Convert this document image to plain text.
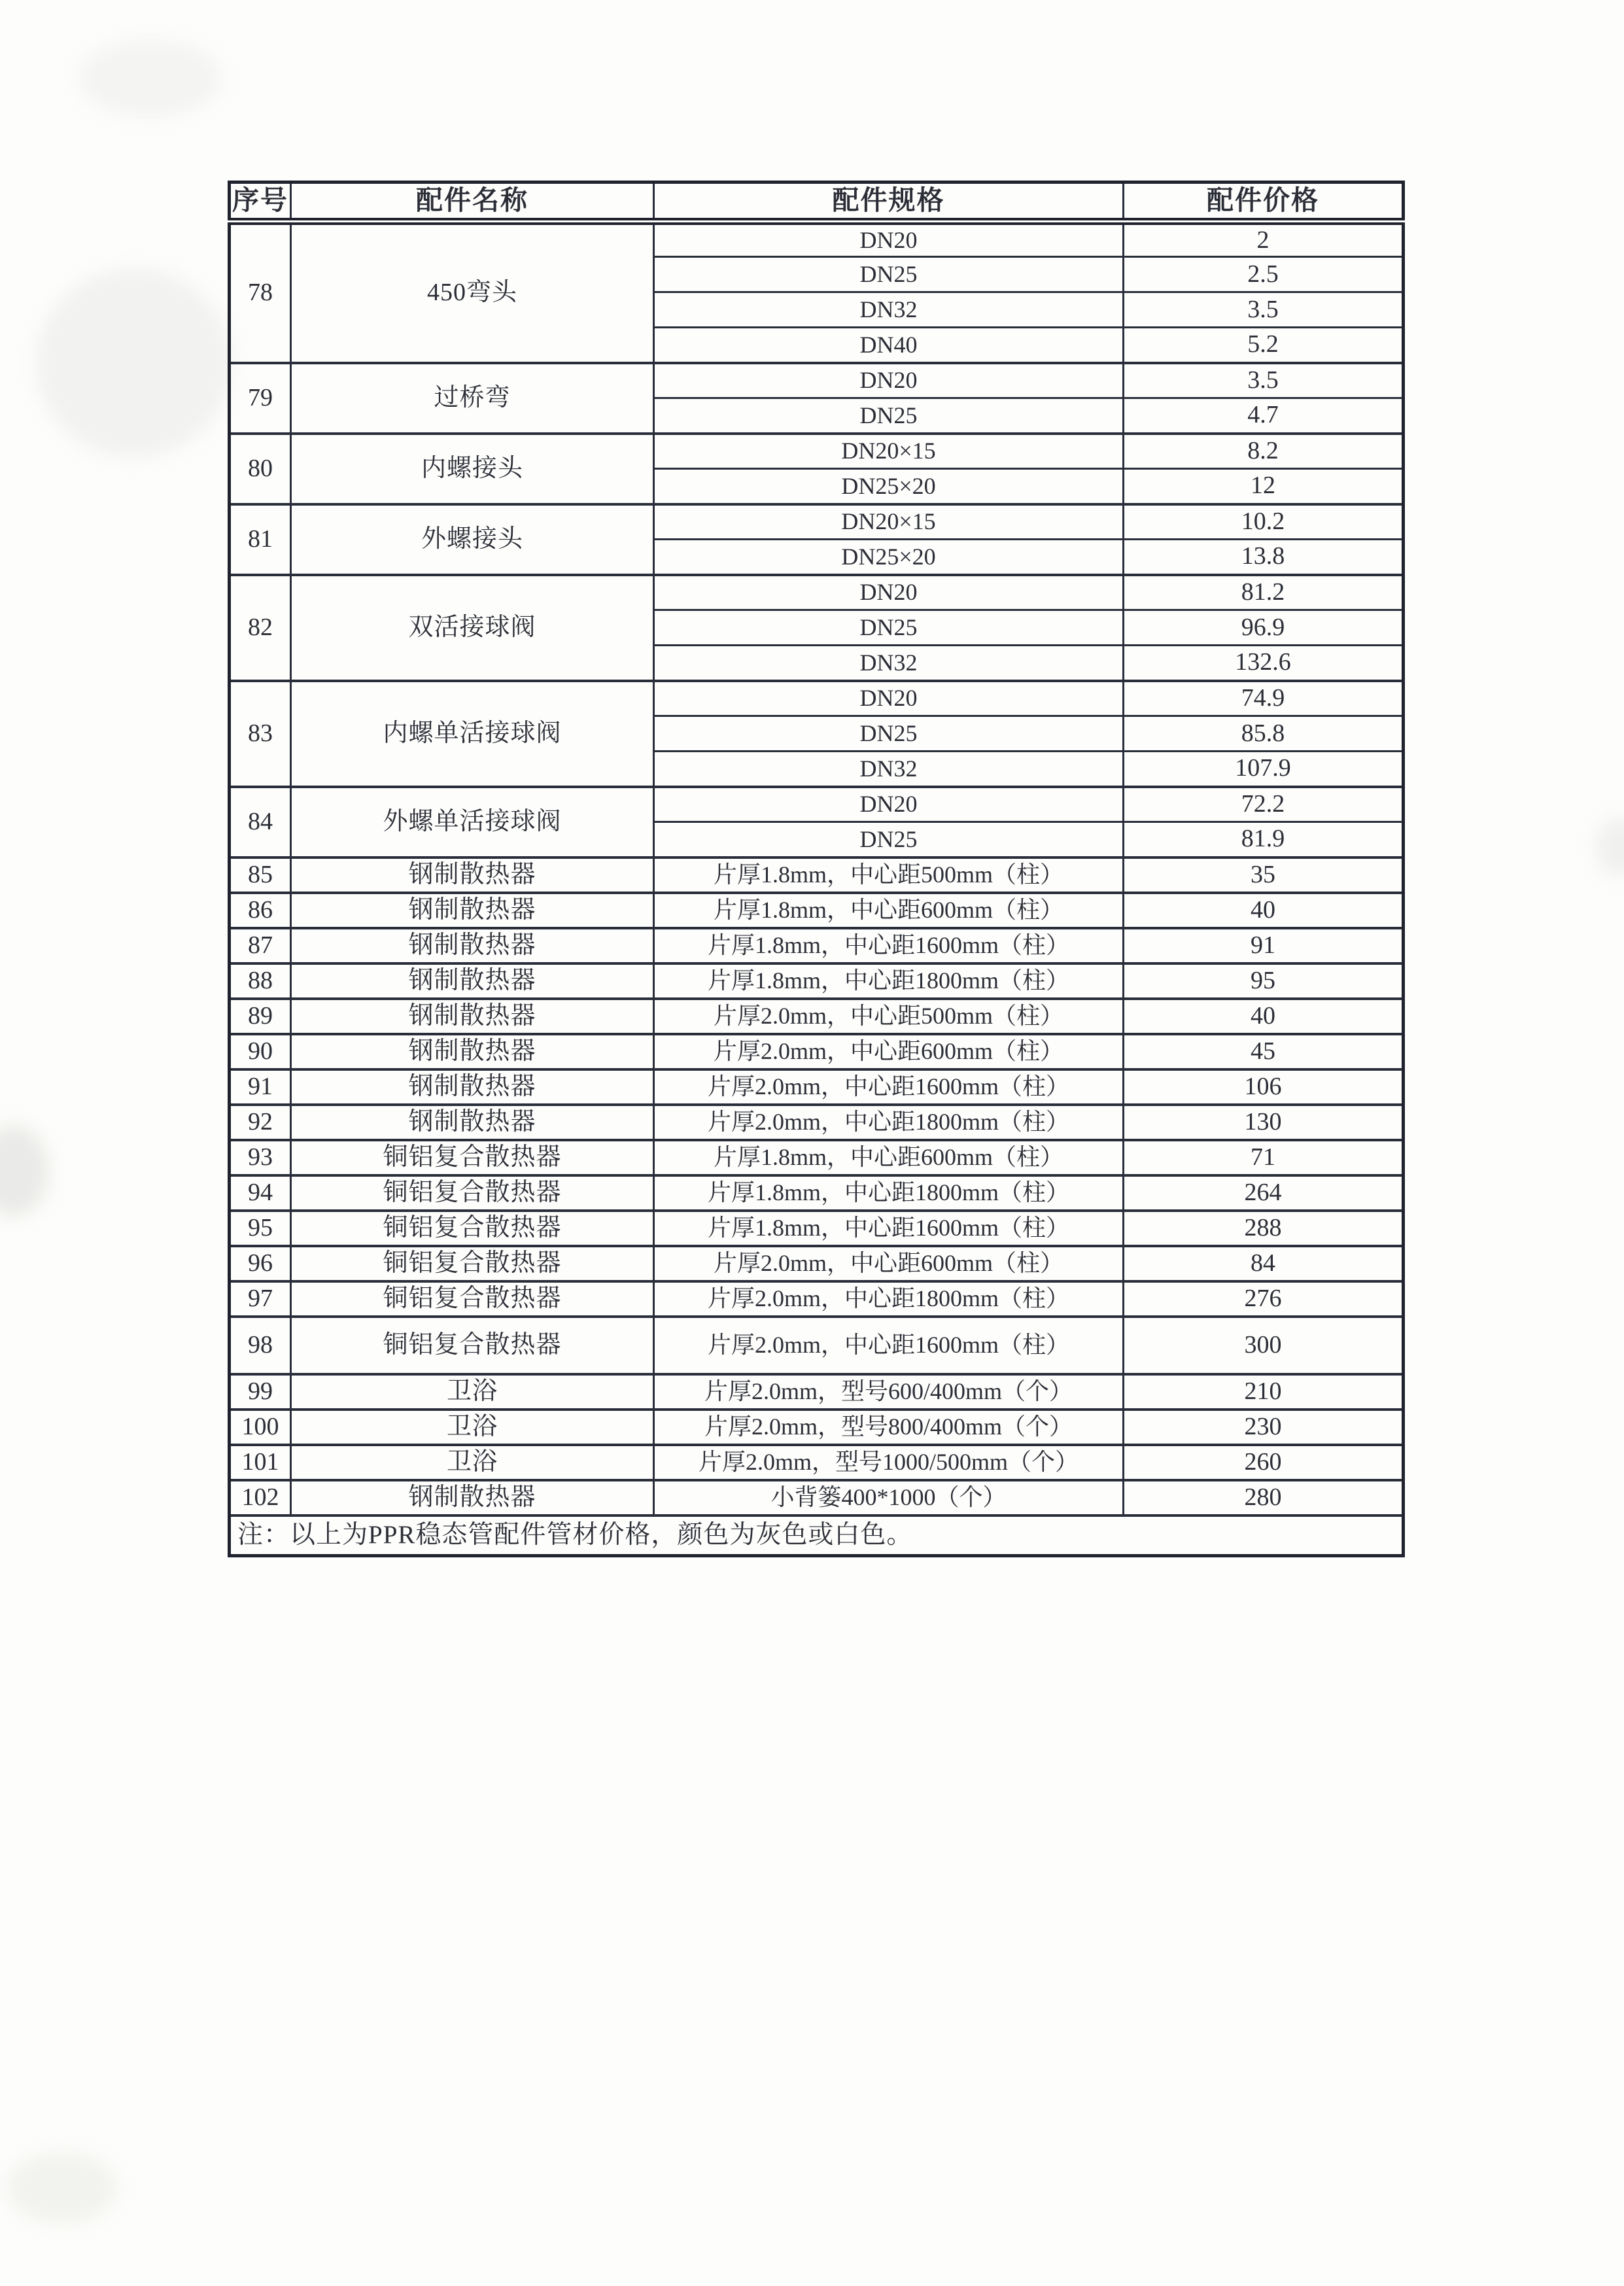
序号	配件名称	配件规格	配件价格
78	450弯头	DN20	2
		DN25	2.5
		DN32	3.5
		DN40	5.2
79	过桥弯	DN20	3.5
		DN25	4.7
80	内螺接头	DN20×15	8.2
		DN25×20	12
81	外螺接头	DN20×15	10.2
		DN25×20	13.8
82	双活接球阀	DN20	81.2
		DN25	96.9
		DN32	132.6
83	内螺单活接球阀	DN20	74.9
		DN25	85.8
		DN32	107.9
84	外螺单活接球阀	DN20	72.2
		DN25	81.9
85	钢制散热器	片厚1.8mm，中心距500mm（柱）	35
86	钢制散热器	片厚1.8mm，中心距600mm（柱）	40
87	钢制散热器	片厚1.8mm，中心距1600mm（柱）	91
88	钢制散热器	片厚1.8mm，中心距1800mm（柱）	95
89	钢制散热器	片厚2.0mm，中心距500mm（柱）	40
90	钢制散热器	片厚2.0mm，中心距600mm（柱）	45
91	钢制散热器	片厚2.0mm，中心距1600mm（柱）	106
92	钢制散热器	片厚2.0mm，中心距1800mm（柱）	130
93	铜铝复合散热器	片厚1.8mm，中心距600mm（柱）	71
94	铜铝复合散热器	片厚1.8mm，中心距1800mm（柱）	264
95	铜铝复合散热器	片厚1.8mm，中心距1600mm（柱）	288
96	铜铝复合散热器	片厚2.0mm，中心距600mm（柱）	84
97	铜铝复合散热器	片厚2.0mm，中心距1800mm（柱）	276
98	铜铝复合散热器	片厚2.0mm，中心距1600mm（柱）	300
99	卫浴	片厚2.0mm，型号600/400mm（个）	210
100	卫浴	片厚2.0mm，型号800/400mm（个）	230
101	卫浴	片厚2.0mm，型号1000/500mm（个）	260
102	钢制散热器	小背篓400*1000（个）	280
注：以上为PPR稳态管配件管材价格，颜色为灰色或白色。			
